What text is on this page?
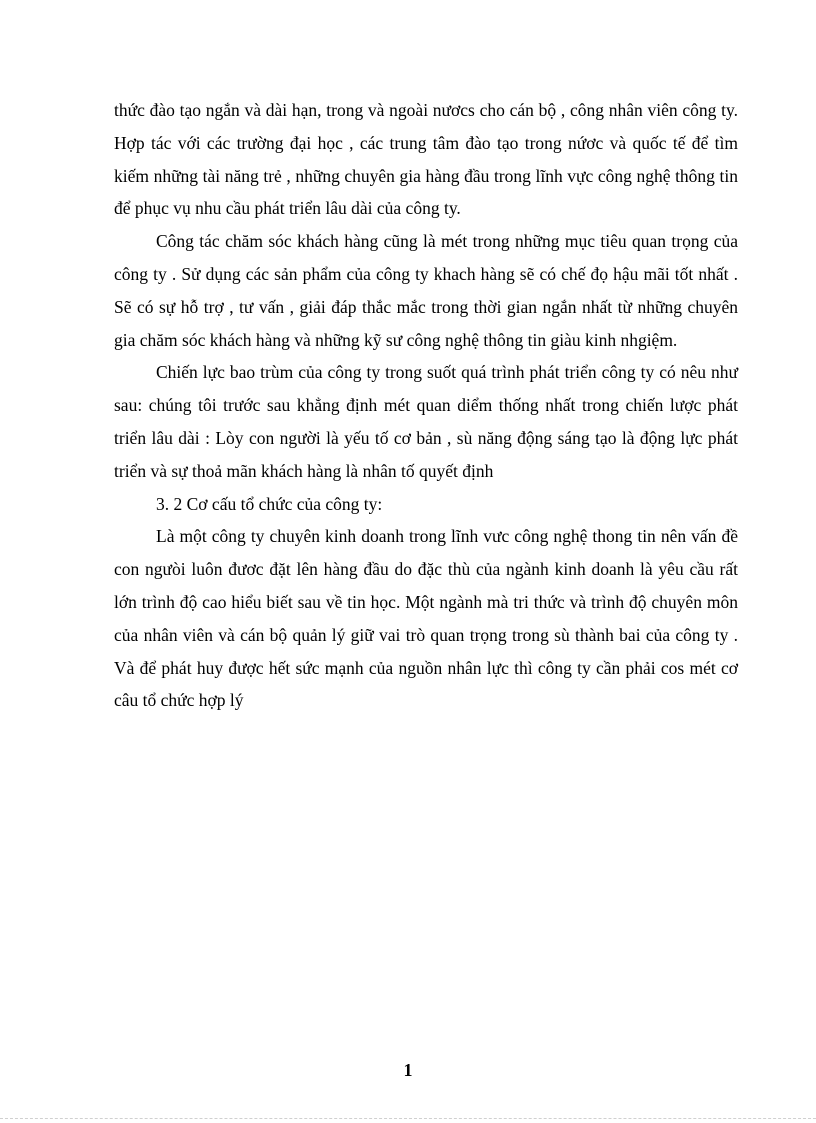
thức đào tạo ngắn và dài hạn, trong và ngoài nươcs cho cán bộ , công nhân viên công ty. Hợp tác với các trường đại học , các trung tâm đào tạo trong nứơc và quốc tế để tìm kiếm những tài năng trẻ , những chuyên gia hàng đầu trong lĩnh vực công nghệ thông tin để phục vụ nhu cầu phát triển lâu dài của công ty.

Công tác chăm sóc khách hàng cũng là mét trong những mục tiêu quan trọng của công ty . Sử dụng các sản phẩm của công ty khach hàng sẽ có chế đọ hậu mãi tốt nhất . Sẽ có sự hỗ trợ , tư vấn , giải đáp thắc mắc trong thời gian ngắn nhất từ những chuyên gia chăm sóc khách hàng và những kỹ sư công nghệ thông tin giàu kinh nhgiệm.

Chiến lực bao trùm của công ty trong suốt quá trình phát triển công ty có nêu như sau: chúng tôi trước sau khẳng định mét quan diểm thống nhất trong chiến lược phát triển lâu dài : Lòy con người là yếu tố cơ bản , sù năng động sáng tạo là động lực phát triển và sự thoả mãn khách hàng là nhân tố quyết định

3. 2 Cơ cấu tổ chức của công ty:

Là một công ty chuyên kinh doanh trong lĩnh vưc công nghệ thong tin nên vấn đề con ngưòi luôn đươc đặt lên hàng đầu do đặc thù của ngành kinh doanh là yêu cầu rất lớn trình độ cao hiểu biết sau về tin học. Một ngành mà tri thức và trình độ chuyên môn của nhân viên và cán bộ quản lý giữ vai trò quan trọng trong sù thành bai của công ty . Và để phát huy được hết sức mạnh của nguồn nhân lực thì công ty cần phải cos mét cơ câu tổ chức hợp lý

1
